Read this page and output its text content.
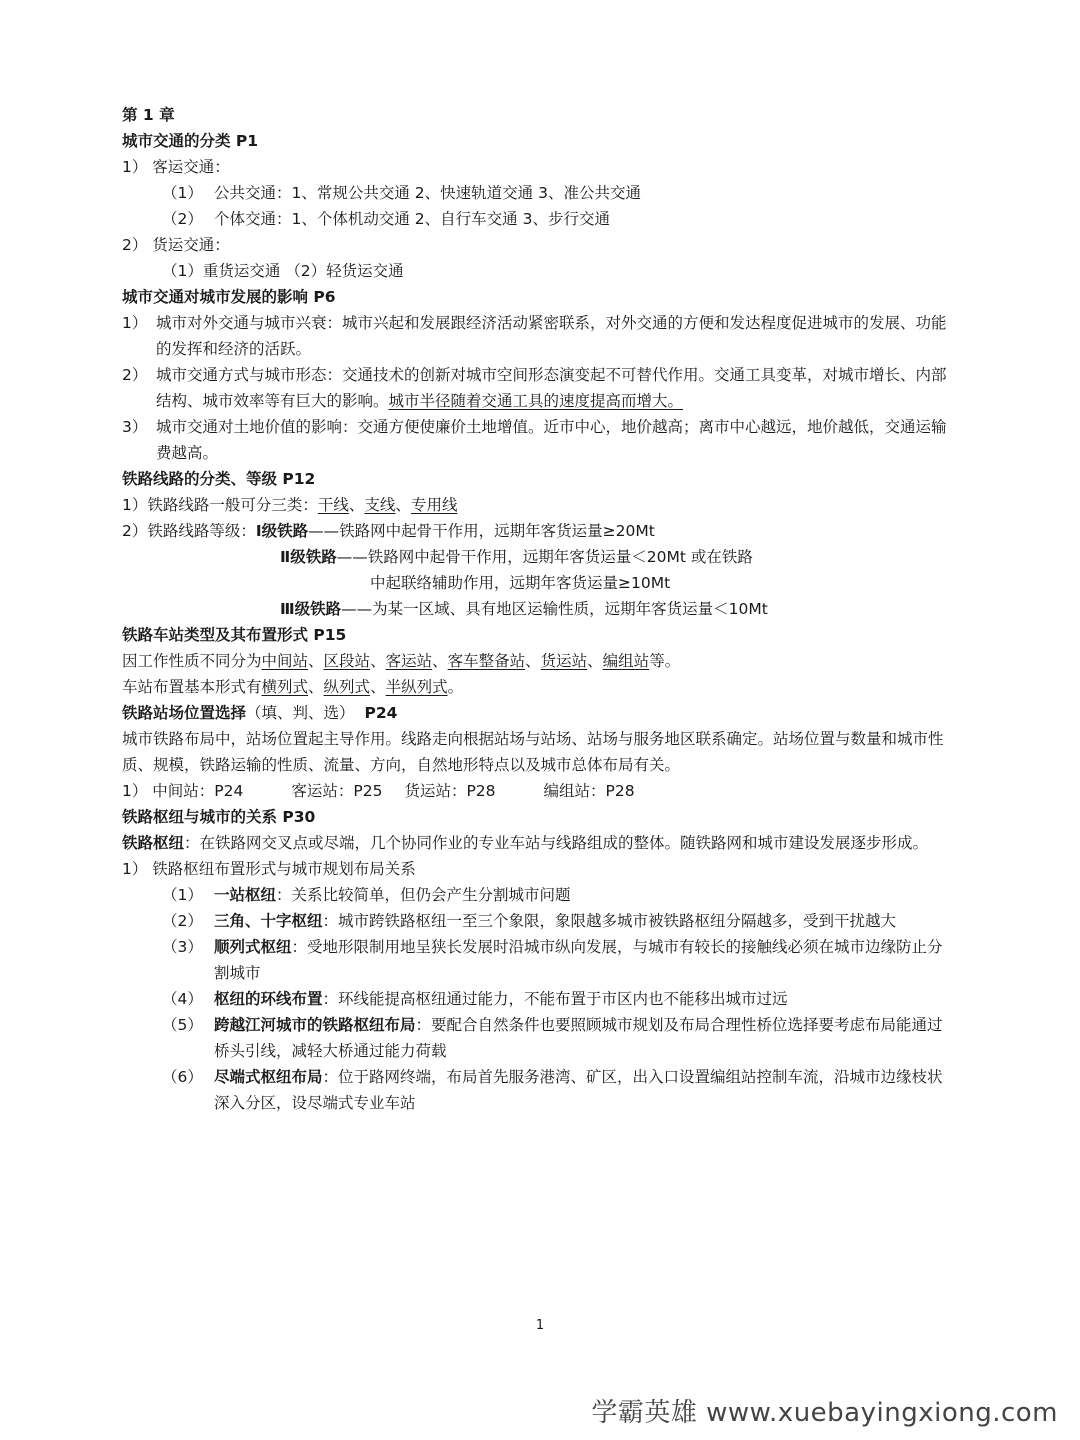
第 1 章
城市交通的分类 P1
1） 客运交通：
（1） 公共交通：1、常规公共交通 2、快速轨道交通 3、准公共交通
（2） 个体交通：1、个体机动交通 2、自行车交通 3、步行交通
2） 货运交通：
（1）重货运交通 （2）轻货运交通
城市交通对城市发展的影响 P6
1） 城市对外交通与城市兴衰：城市兴起和发展跟经济活动紧密联系，对外交通的方便和发达程度促进城市的发展、功能的发挥和经济的活跃。
2） 城市交通方式与城市形态：交通技术的创新对城市空间形态演变起不可替代作用。交通工具变革，对城市增长、内部结构、城市效率等有巨大的影响。城市半径随着交通工具的速度提高而增大。
3） 城市交通对土地价值的影响：交通方便使廉价土地增值。近市中心，地价越高；离市中心越远，地价越低，交通运输费越高。
铁路线路的分类、等级 P12
1）铁路线路一般可分三类：干线、支线、专用线
2）铁路线路等级：Ⅰ级铁路——铁路网中起骨干作用，远期年客货运量≥20Mt
Ⅱ级铁路——铁路网中起骨干作用，远期年客货运量＜20Mt 或在铁路
中起联络辅助作用，远期年客货运量≥10Mt
Ⅲ级铁路——为某一区域、具有地区运输性质，远期年客货运量＜10Mt
铁路车站类型及其布置形式 P15
因工作性质不同分为中间站、区段站、客运站、客车整备站、货运站、编组站等。
车站布置基本形式有横列式、纵列式、半纵列式。
铁路站场位置选择（填、判、选） P24
城市铁路布局中，站场位置起主导作用。线路走向根据站场与站场、站场与服务地区联系确定。站场位置与数量和城市性质、规模，铁路运输的性质、流量、方向，自然地形特点以及城市总体布局有关。
1） 中间站：P24	客运站：P25 货运站：P28	编组站：P28
铁路枢纽与城市的关系 P30
铁路枢纽：在铁路网交叉点或尽端，几个协同作业的专业车站与线路组成的整体。随铁路网和城市建设发展逐步形成。
1） 铁路枢纽布置形式与城市规划布局关系
（1） 一站枢纽：关系比较简单，但仍会产生分割城市问题
（2） 三角、十字枢纽：城市跨铁路枢纽一至三个象限，象限越多城市被铁路枢纽分隔越多，受到干扰越大
（3） 顺列式枢纽：受地形限制用地呈狭长发展时沿城市纵向发展，与城市有较长的接触线必须在城市边缘防止分割城市
（4） 枢纽的环线布置：环线能提高枢纽通过能力，不能布置于市区内也不能移出城市过远
（5） 跨越江河城市的铁路枢纽布局：要配合自然条件也要照顾城市规划及布局合理性桥位选择要考虑布局能通过桥头引线，减轻大桥通过能力荷载
（6） 尽端式枢纽布局：位于路网终端，布局首先服务港湾、矿区，出入口设置编组站控制车流，沿城市边缘枝状深入分区，设尽端式专业车站
1
学霸英雄 www.xuebayingxiong.com
